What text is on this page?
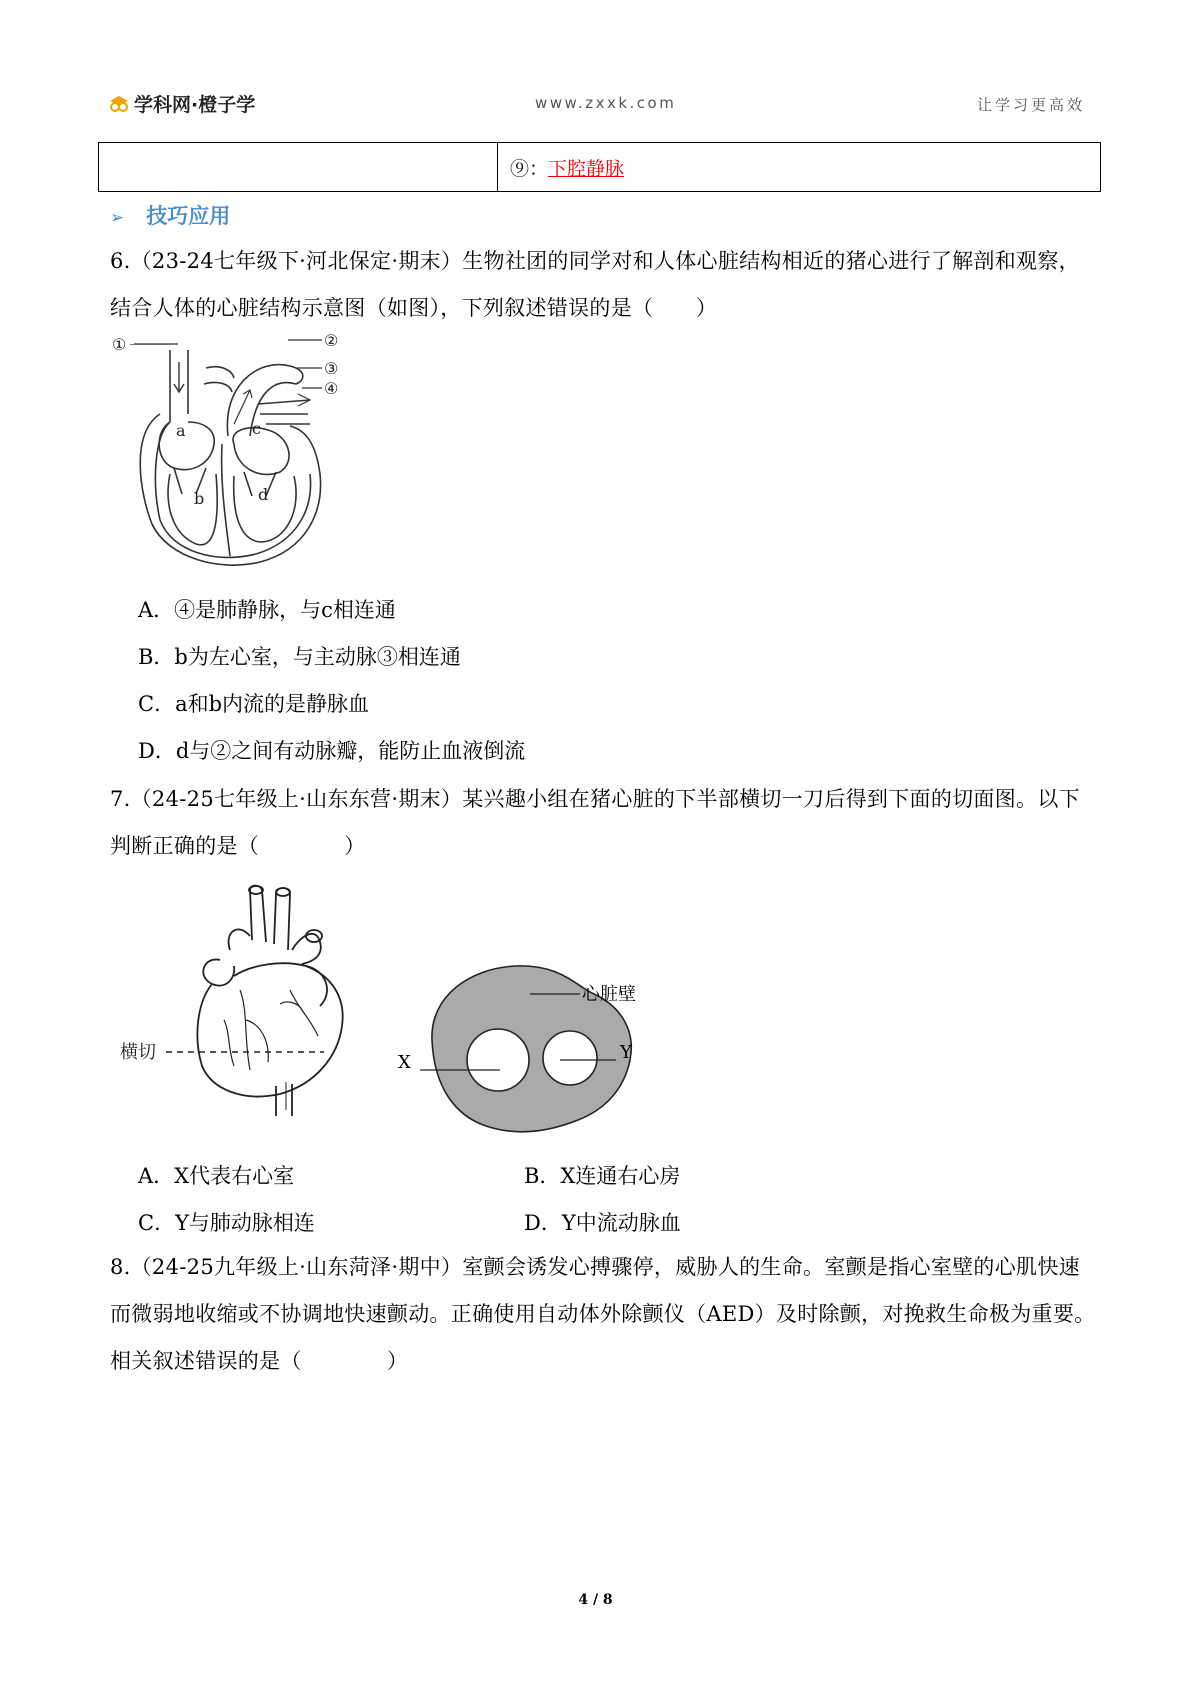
学科网·橙子学	www.zxxk.com	让学习更高效
	⑨：下腔静脉
➢ 技巧应用
6.（23-24七年级下·河北保定·期末）生物社团的同学对和人体心脏结构相近的猪心进行了解剖和观察，结合人体的心脏结构示意图（如图），下列叙述错误的是（　　）
①	②
③
④
a
b
c
d
A．④是肺静脉，与c相连通
B．b为左心室，与主动脉③相连通
C．a和b内流的是静脉血
D．d与②之间有动脉瓣，能防止血液倒流
7.（24-25七年级上·山东东营·期末）某兴趣小组在猪心脏的下半部横切一刀后得到下面的切面图。以下判断正确的是（　　　　）
横切	X	Y
心脏壁
A．X代表右心室	B．X连通右心房
C．Y与肺动脉相连	D．Y中流动脉血
8.（24-25九年级上·山东菏泽·期中）室颤会诱发心搏骤停，威胁人的生命。室颤是指心室壁的心肌快速而微弱地收缩或不协调地快速颤动。正确使用自动体外除颤仪（AED）及时除颤，对挽救生命极为重要。相关叙述错误的是（　　　　）
4 / 8
